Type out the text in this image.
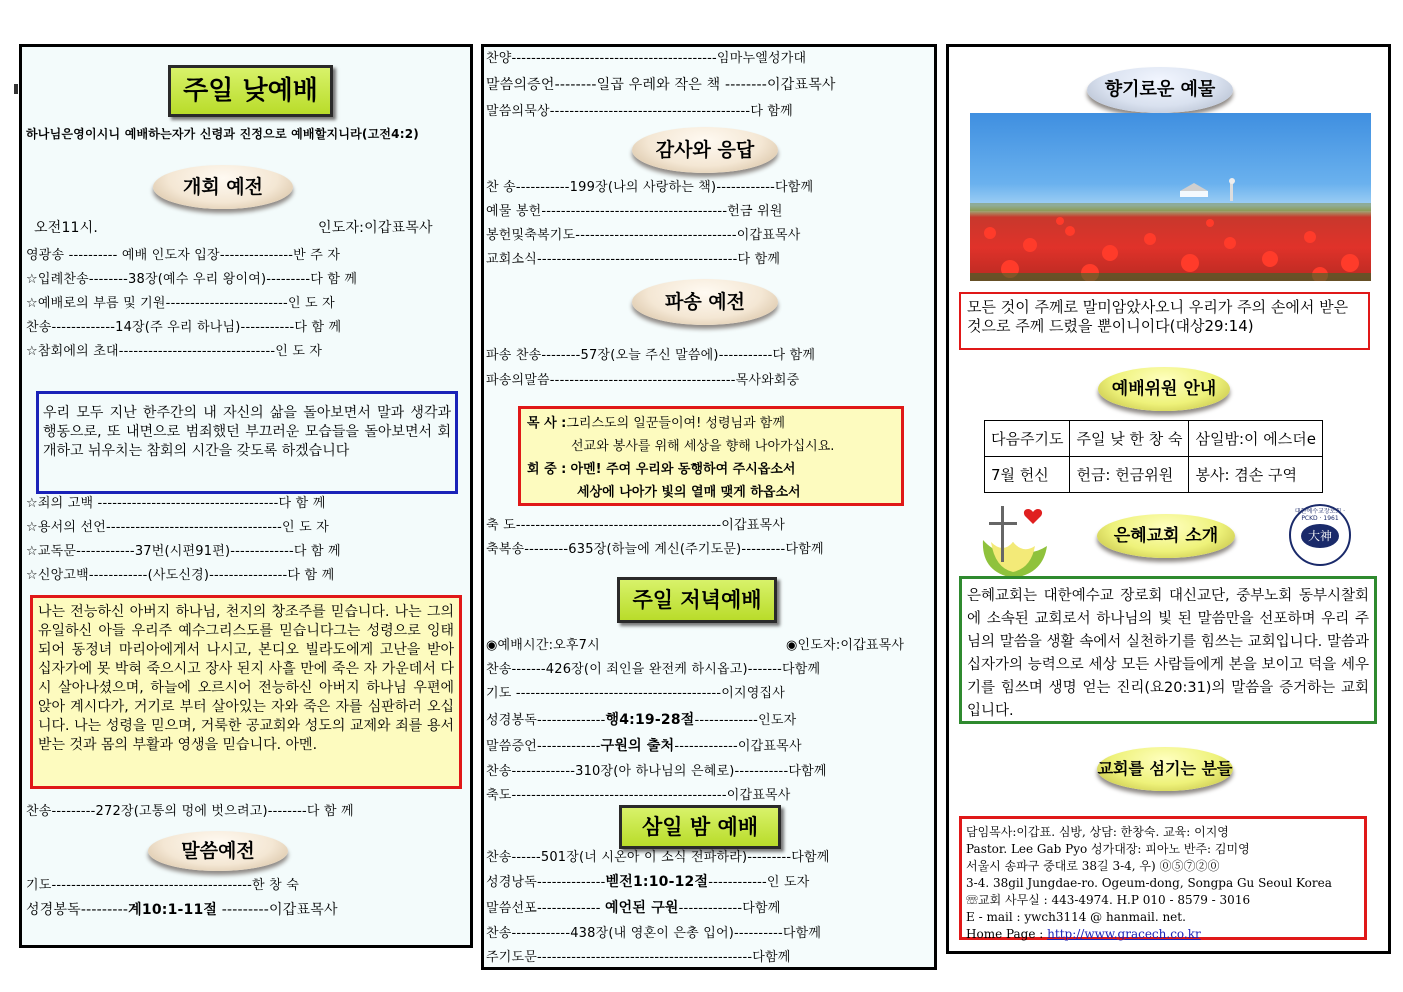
주일 낮예배
하나님은영이시니 예배하는자가 신령과 진정으로 예배할지니라(고전4:2)
개회 예전
오전11시.	인도자:이갑표목사
영광송 ---------- 예배 인도자 입장---------------반 주 자
☆입례찬송--------38장(예수 우리 왕이여)---------다 함 께
☆예배로의 부름 및 기원-------------------------인 도 자
찬송-------------14장(주 우리 하나님)-----------다 함 께
☆참회에의 초대--------------------------------인 도 자
우리 모두 지난 한주간의 내 자신의 삶을 돌아보면서 말과 생각과 행동으로, 또 내면으로 범죄했던 부끄러운 모습들을 돌아보면서 회개하고 뉘우치는 참회의 시간을 갖도록 하겠습니다
☆죄의 고백 -------------------------------------다 함 께
☆용서의 선언------------------------------------인 도 자
☆교독문------------37번(시편91편)-------------다 함 께
☆신앙고백------------(사도신경)----------------다 함 께
나는 전능하신 아버지 하나님, 천지의 창조주를 믿습니다. 나는 그의 유일하신 아들 우리주 예수그리스도를 믿습니다그는 성령으로 잉태되어 동정녀 마리아에게서 나시고, 본디오 빌라도에게 고난을 받아 십자가에 못 박혀 죽으시고 장사 된지 사흘 만에 죽은 자 가운데서 다시 살아나셨으며, 하늘에 오르시어 전능하신 아버지 하나님 우편에 앉아 계시다가, 거기로 부터 살아있는 자와 죽은 자를 심판하러 오십니다. 나는 성령을 믿으며, 거룩한 공교회와 성도의 교제와 죄를 용서받는 것과 몸의 부활과 영생을 믿습니다. 아멘.
찬송---------272장(고통의 멍에 벗으려고)--------다 함 께
말씀예전
기도-----------------------------------------한 창 숙
성경봉독---------계10:1-11절 ---------이갑표목사
찬양------------------------------------------임마누엘성가대
말씀의증언--------일곱 우레와 작은 책 --------이갑표목사
말씀의묵상-----------------------------------------다 함께
감사와 응답
찬 송-----------199장(나의 사랑하는 책)------------다함께
예물 봉헌--------------------------------------헌금 위원
봉헌및축복기도---------------------------------이갑표목사
교회소식-----------------------------------------다 함께
파송 예전
파송 찬송--------57장(오늘 주신 말씀에)-----------다 함께
파송의말씀--------------------------------------목사와회중
목 사 :그리스도의 일꾼들이여! 성령님과 함께
선교와 봉사를 위해 세상을 향해 나아가십시요.
회 중 : 아멘! 주여 우리와 동행하여 주시옵소서
세상에 나아가 빛의 열매 맺게 하옵소서
축 도------------------------------------------이갑표목사
축복송---------635장(하늘에 계신(주기도문)---------다함께
주일 저녁예배
◉예배시간:오후7시	◉인도자:이갑표목사
찬송-------426장(이 죄인을 완전케 하시옵고)-------다함께
기도 ------------------------------------------이지영집사
성경봉독--------------행4:19-28절-------------인도자
말씀증언-------------구원의 출처-------------이갑표목사
찬송-------------310장(아 하나님의 은혜로)-----------다함께
축도--------------------------------------------이갑표목사
삼일 밤 예배
찬송------501장(너 시온아 이 소식 전파하라)---------다함께
성경낭독--------------벧전1:10-12절------------인 도자
말씀선포------------- 예언된 구원-------------다함께
찬송------------438장(내 영혼이 은총 입어)----------다함께
주기도문--------------------------------------------다함께
향기로운 예물
모든 것이 주께로 말미암았사오니 우리가 주의 손에서 받은 것으로 주께 드렸을 뿐이니이다(대상29:14)
예배위원 안내
다음주기도	주일 낮 한 창 숙	삼일밤:이 에스더e
7월 헌신	헌금: 헌금위원	봉사: 겸손 구역
은혜교회 소개
대한예수교장로회 · PCKD · 1961
大神
은혜교회는 대한예수교 장로회 대신교단, 중부노회 동부시찰회에 소속된 교회로서 하나님의 빛 된 말씀만을 선포하며 우리 주님의 말씀을 생활 속에서 실천하기를 힘쓰는 교회입니다. 말씀과 십자가의 능력으로 세상 모든 사람들에게 본을 보이고 덕을 세우기를 힘쓰며 생명 얻는 진리(요20:31)의 말씀을 증거하는 교회입니다.
교회를 섬기는 분들
담임목사:이갑표. 심방, 상담: 한창숙. 교육: 이지영
Pastor. Lee Gab Pyo 성가대장: 피아노 반주: 김미영
서울시 송파구 중대로 38길 3-4, 우) ⓪⑤⑦②⓪
3-4. 38gil Jungdae-ro. Ogeum-dong, Songpa Gu Seoul Korea
☏교회 사무실 : 443-4974. H.P 010 - 8579 - 3016
E - mail : ywch3114 @ hanmail. net.
Home Page : http://www.gracech.co.kr
